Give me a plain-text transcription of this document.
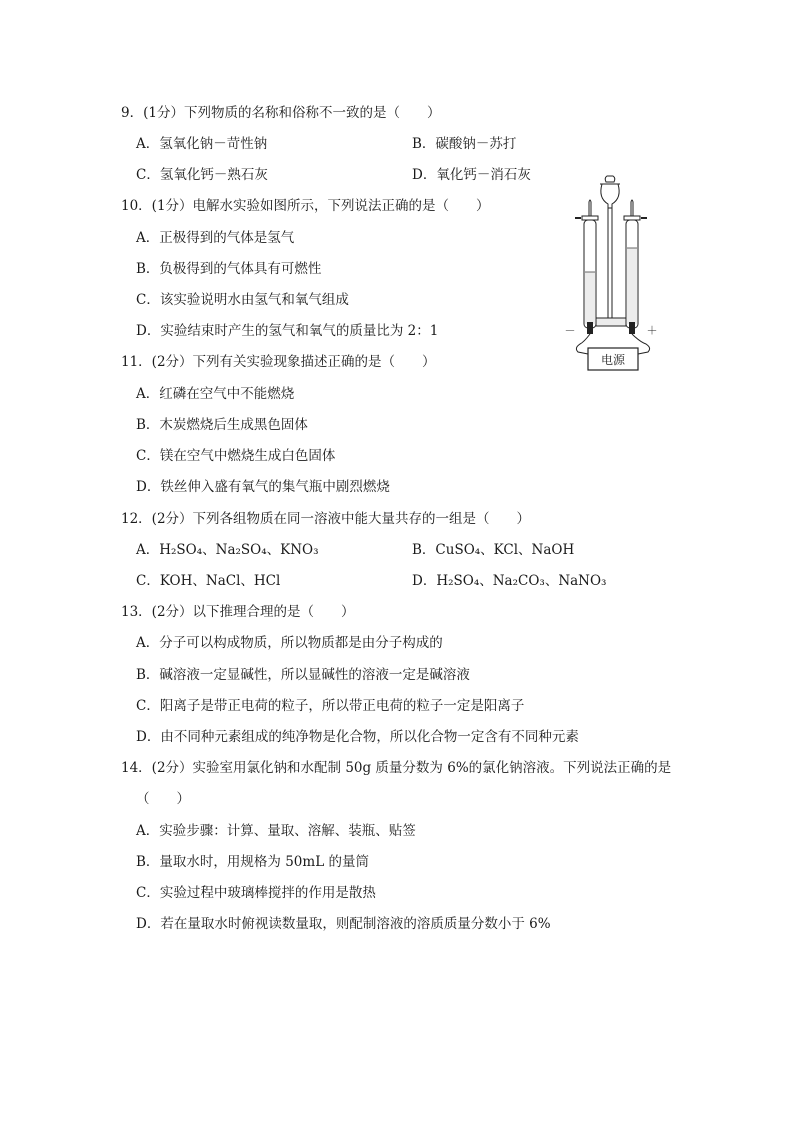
9．(1分）下列物质的名称和俗称不一致的是（　　）
A．氢氧化钠－苛性钠	B．碳酸钠－苏打
C．氢氧化钙－熟石灰	D．氧化钙－消石灰
10．(1分）电解水实验如图所示，下列说法正确的是（　　）
A．正极得到的气体是氢气
B．负极得到的气体具有可燃性
C．该实验说明水由氢气和氧气组成
D．实验结束时产生的氢气和氧气的质量比为 2：1
电源
－	＋
11．(2分）下列有关实验现象描述正确的是（　　）
A．红磷在空气中不能燃烧
B．木炭燃烧后生成黑色固体
C．镁在空气中燃烧生成白色固体
D．铁丝伸入盛有氧气的集气瓶中剧烈燃烧
12．(2分）下列各组物质在同一溶液中能大量共存的一组是（　　）
A．H₂SO₄、Na₂SO₄、KNO₃	B．CuSO₄、KCl、NaOH
C．KOH、NaCl、HCl	D．H₂SO₄、Na₂CO₃、NaNO₃
13．(2分）以下推理合理的是（　　）
A．分子可以构成物质，所以物质都是由分子构成的
B．碱溶液一定显碱性，所以显碱性的溶液一定是碱溶液
C．阳离子是带正电荷的粒子，所以带正电荷的粒子一定是阳离子
D．由不同种元素组成的纯净物是化合物，所以化合物一定含有不同种元素
14．(2分）实验室用氯化钠和水配制 50g 质量分数为 6%的氯化钠溶液。下列说法正确的是
（　　）
A．实验步骤：计算、量取、溶解、装瓶、贴签
B．量取水时，用规格为 50mL 的量筒
C．实验过程中玻璃棒搅拌的作用是散热
D．若在量取水时俯视读数量取，则配制溶液的溶质质量分数小于 6%
